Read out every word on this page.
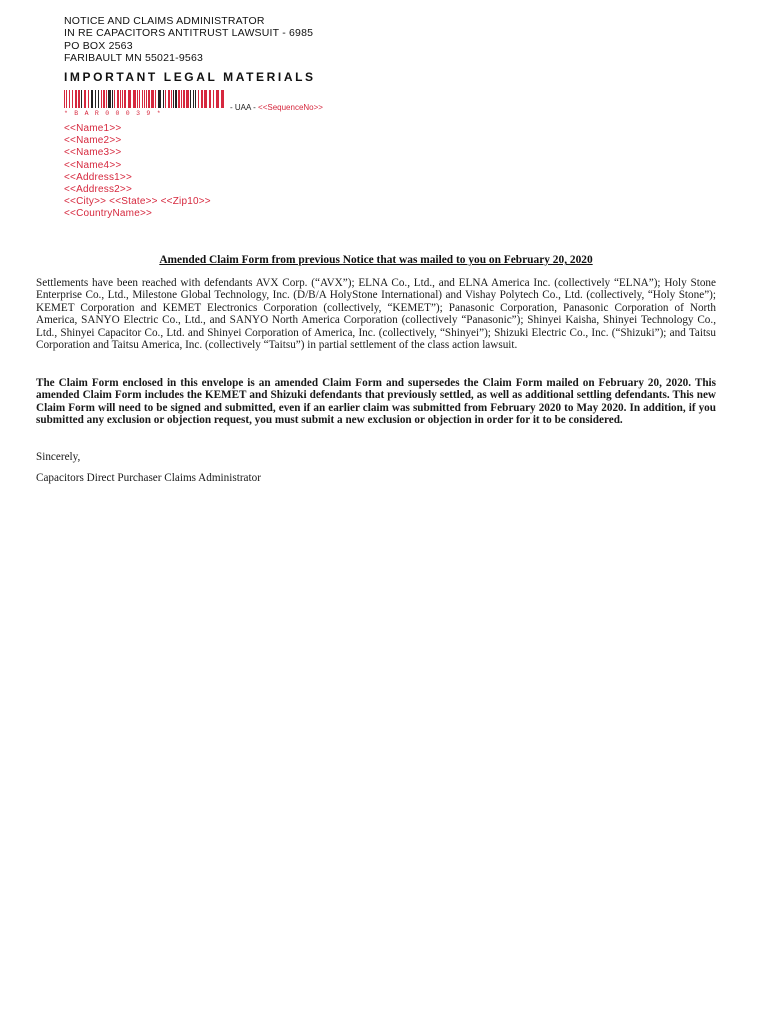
NOTICE AND CLAIMS ADMINISTRATOR
IN RE CAPACITORS ANTITRUST LAWSUIT - 6985
PO BOX 2563
FARIBAULT MN 55021-9563
IMPORTANT LEGAL MATERIALS
*BAR00039*
- UAA - <<SequenceNo>>
<<Name1>>
<<Name2>>
<<Name3>>
<<Name4>>
<<Address1>>
<<Address2>>
<<City>> <<State>> <<Zip10>>
<<CountryName>>
Amended Claim Form from previous Notice that was mailed to you on February 20, 2020
Settlements have been reached with defendants AVX Corp. (“AVX”); ELNA Co., Ltd., and ELNA America Inc. (collectively “ELNA”); Holy Stone Enterprise Co., Ltd., Milestone Global Technology, Inc. (D/B/A HolyStone International) and Vishay Polytech Co., Ltd. (collectively, “Holy Stone”); KEMET Corporation and KEMET Electronics Corporation (collectively, “KEMET”); Panasonic Corporation, Panasonic Corporation of North America, SANYO Electric Co., Ltd., and SANYO North America Corporation (collectively “Panasonic”); Shinyei Kaisha, Shinyei Technology Co., Ltd., Shinyei Capacitor Co., Ltd. and Shinyei Corporation of America, Inc. (collectively, “Shinyei”); Shizuki Electric Co., Inc. (“Shizuki”); and Taitsu Corporation and Taitsu America, Inc. (collectively “Taitsu”) in partial settlement of the class action lawsuit.
The Claim Form enclosed in this envelope is an amended Claim Form and supersedes the Claim Form mailed on February 20, 2020. This amended Claim Form includes the KEMET and Shizuki defendants that previously settled, as well as additional settling defendants. This new Claim Form will need to be signed and submitted, even if an earlier claim was submitted from February 2020 to May 2020. In addition, if you submitted any exclusion or objection request, you must submit a new exclusion or objection in order for it to be considered.
Sincerely,
Capacitors Direct Purchaser Claims Administrator
